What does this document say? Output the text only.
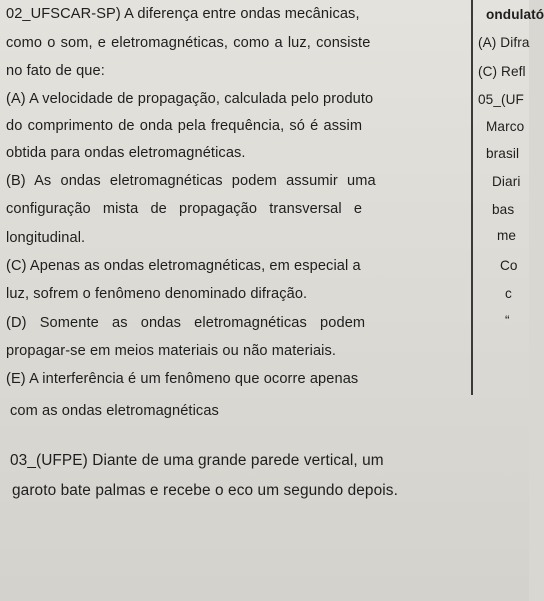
02_UFSCAR-SP) A diferença entre ondas mecânicas,
como o som, e eletromagnéticas, como a luz, consiste
no fato de que:
(A) A velocidade de propagação, calculada pelo produto
do comprimento de onda pela frequência, só é assim
obtida para ondas eletromagnéticas.
(B) As ondas eletromagnéticas podem assumir uma
configuração mista de propagação transversal e
longitudinal.
(C) Apenas as ondas eletromagnéticas, em especial a
luz, sofrem o fenômeno denominado difração.
(D) Somente as ondas eletromagnéticas podem
propagar-se em meios materiais ou não materiais.
(E) A interferência é um fenômeno que ocorre apenas
com as ondas eletromagnéticas
03_(UFPE) Diante de uma grande parede vertical, um
garoto bate palmas e recebe o eco um segundo depois.
ondulató
(A) Difra
(C) Refl
05_(UF
Marco
brasil
Diari
bas
me
Co
c
“
